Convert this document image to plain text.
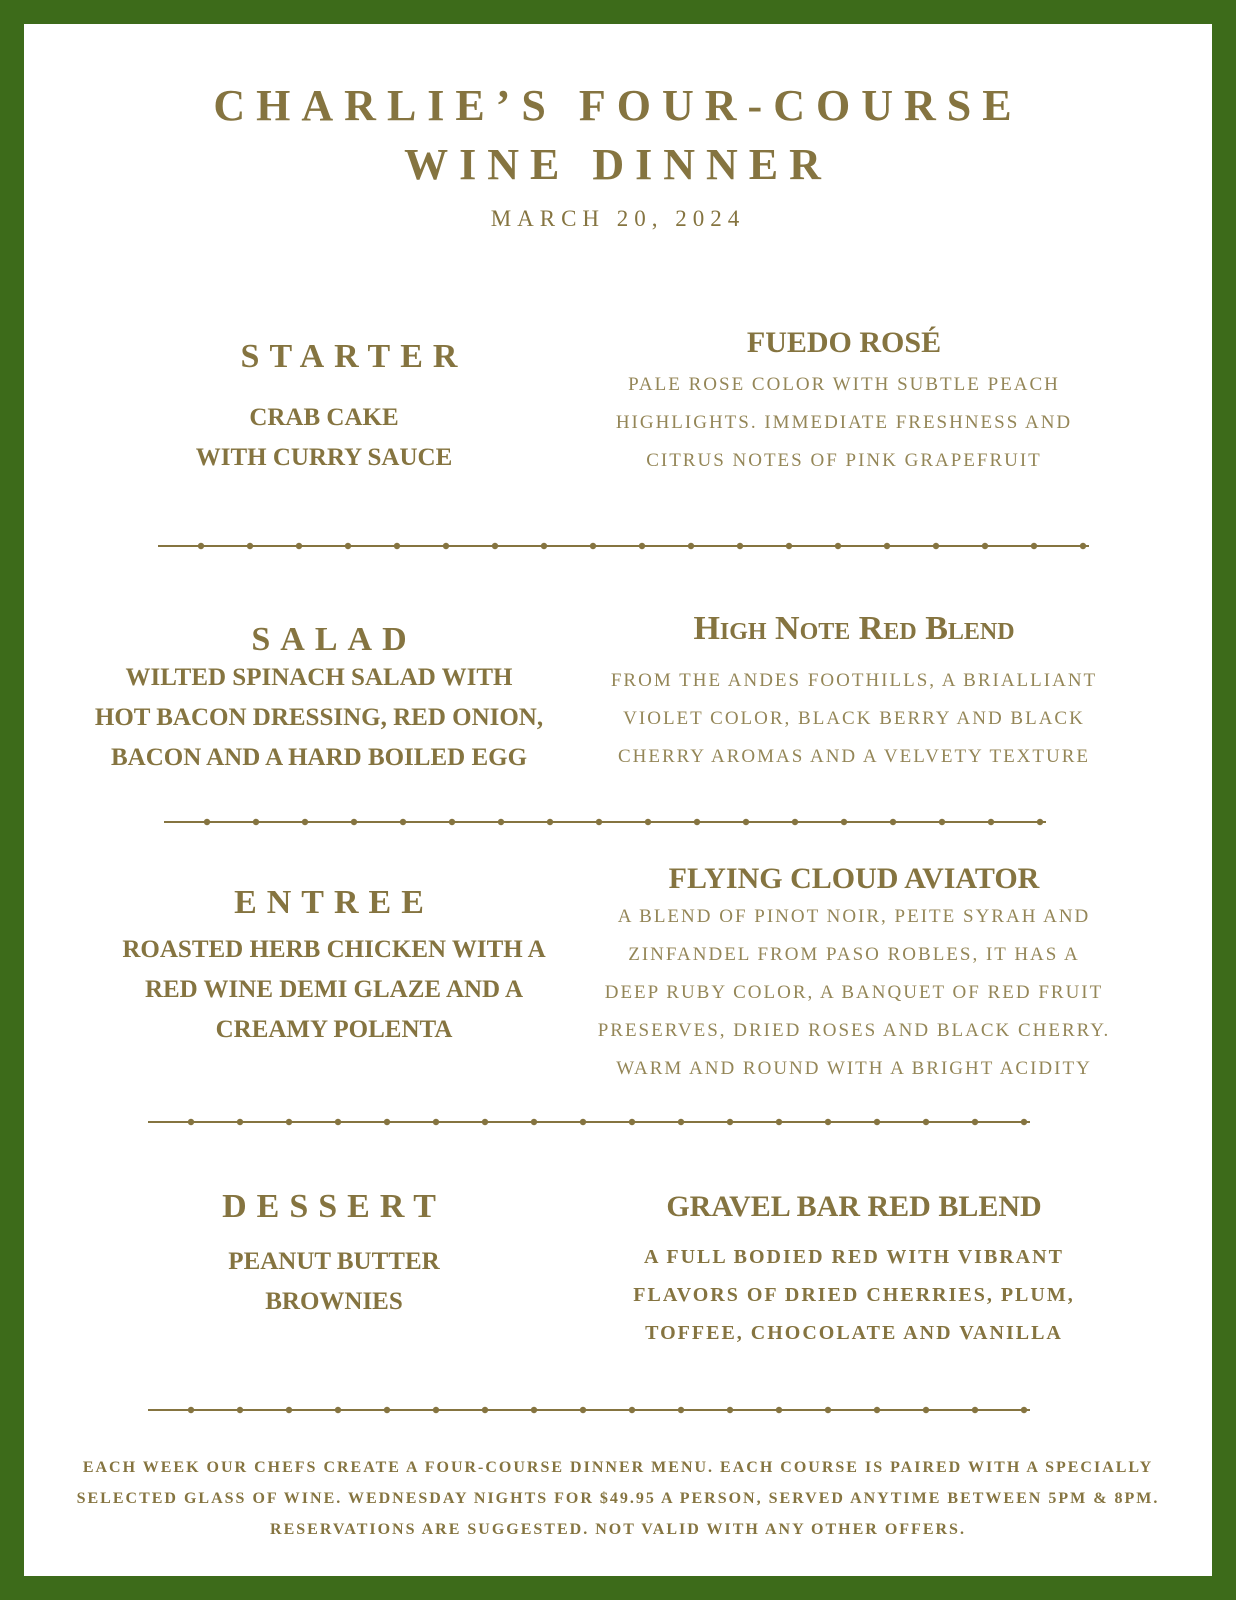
CHARLIE’S FOUR-COURSE
WINE DINNER
MARCH 20, 2024
STARTER
CRAB CAKE
WITH CURRY SAUCE
FUEDO ROSÉ
PALE ROSE COLOR WITH SUBTLE PEACH
HIGHLIGHTS. IMMEDIATE FRESHNESS AND
CITRUS NOTES OF PINK GRAPEFRUIT
SALAD
WILTED SPINACH SALAD WITH
HOT BACON DRESSING, RED ONION,
BACON AND A HARD BOILED EGG
High Note Red Blend
FROM THE ANDES FOOTHILLS, A BRIALLIANT
VIOLET COLOR, BLACK BERRY AND BLACK
CHERRY AROMAS AND A VELVETY TEXTURE
ENTREE
ROASTED HERB CHICKEN WITH A
RED WINE DEMI GLAZE AND A
CREAMY POLENTA
FLYING CLOUD AVIATOR
A BLEND OF PINOT NOIR, PEITE SYRAH AND
ZINFANDEL FROM PASO ROBLES, IT HAS A
DEEP RUBY COLOR, A BANQUET OF RED FRUIT
PRESERVES, DRIED ROSES AND BLACK CHERRY.
WARM AND ROUND WITH A BRIGHT ACIDITY
DESSERT
PEANUT BUTTER
BROWNIES
GRAVEL BAR RED BLEND
A FULL BODIED RED WITH VIBRANT
FLAVORS OF DRIED CHERRIES, PLUM,
TOFFEE, CHOCOLATE AND VANILLA
EACH WEEK OUR CHEFS CREATE A FOUR-COURSE DINNER MENU. EACH COURSE IS PAIRED WITH A SPECIALLY
SELECTED GLASS OF WINE. WEDNESDAY NIGHTS FOR $49.95 A PERSON, SERVED ANYTIME BETWEEN 5PM & 8PM.
RESERVATIONS ARE SUGGESTED. NOT VALID WITH ANY OTHER OFFERS.
